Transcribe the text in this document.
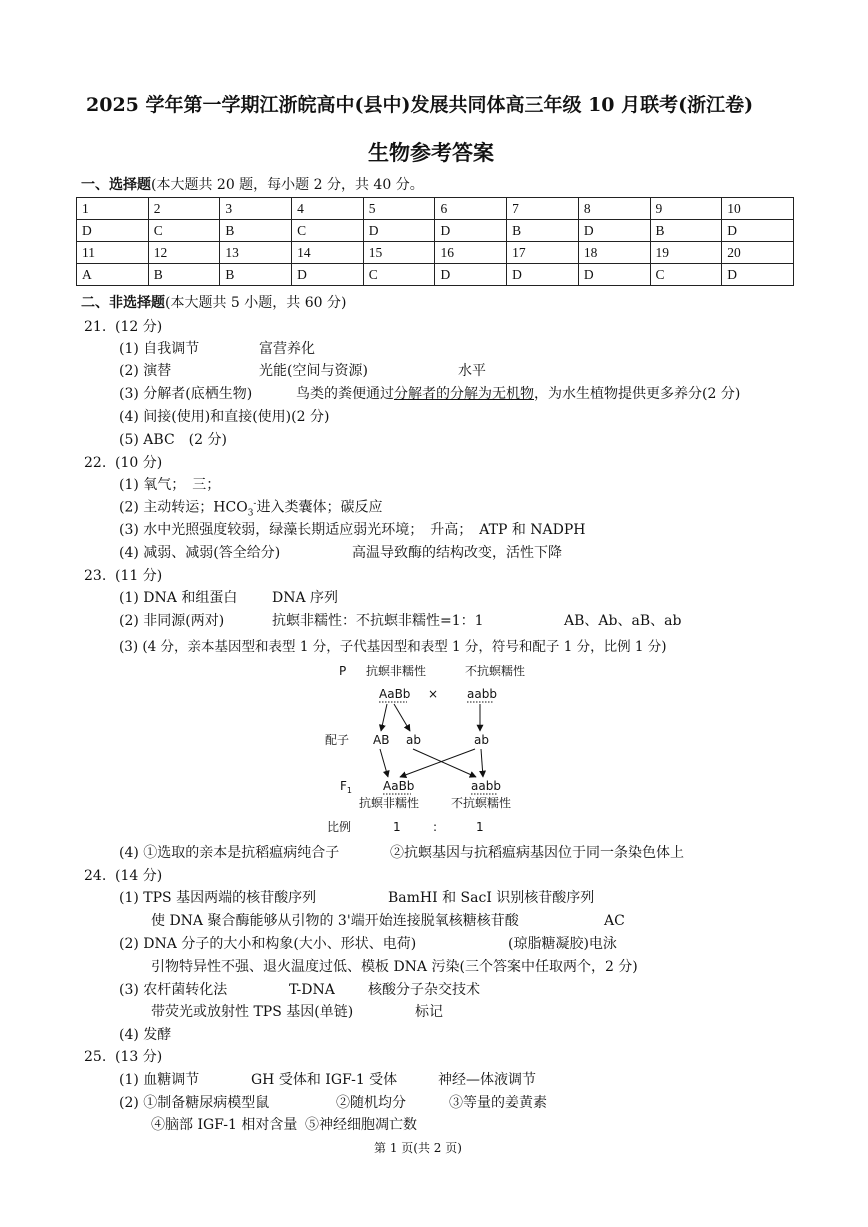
2025 学年第一学期江浙皖高中(县中)发展共同体高三年级 10 月联考(浙江卷)
生物参考答案
一、选择题(本大题共 20 题，每小题 2 分，共 40 分。
1	2	3	4	5	6	7	8	9	10
D	C	B	C	D	D	B	D	B	D
11	12	13	14	15	16	17	18	19	20
A	B	B	D	C	D	D	D	C	D
二、非选择题(本大题共 5 小题，共 60 分)
21. (12 分)
(1) 自我调节	富营养化
(2) 演替	光能(空间与资源)	水平
(3) 分解者(底栖生物)	鸟类的粪便通过分解者的分解为无机物，为水生植物提供更多养分(2 分)
(4) 间接(使用)和直接(使用)(2 分)
(5) ABC　(2 分)
22. (10 分)
(1) 氧气；　三；
(2) 主动转运；$HCO_3^-$进入类囊体；碳反应
(3) 水中光照强度较弱，绿藻长期适应弱光环境；　升高；　ATP 和 NADPH
(4) 减弱、减弱(答全给分)	高温导致酶的结构改变，活性下降
23. (11 分)
(1) DNA 和组蛋白 DNA 序列
(2) 非同源(两对)	抗螟非糯性：不抗螟非糯性=1：1	AB、Ab、aB、ab
(3) (4 分，亲本基因型和表型 1 分，子代基因型和表型 1 分，符号和配子 1 分，比例 1 分)
P 抗螟非糯性	不抗螟糯性
AaBb × aabb
配子 AB ab	ab
$F_1$	AaBb	aabb
抗螟非糯性	不抗螟糯性
比例	1	:	1
(4) ①选取的亲本是抗稻瘟病纯合子	②抗螟基因与抗稻瘟病基因位于同一条染色体上
24. (14 分)
(1) TPS 基因两端的核苷酸序列	BamHI 和 SacI 识别核苷酸序列
使 DNA 聚合酶能够从引物的 3'端开始连接脱氧核糖核苷酸	AC
(2) DNA 分子的大小和构象(大小、形状、电荷)	(琼脂糖凝胶)电泳
引物特异性不强、退火温度过低、模板 DNA 污染(三个答案中任取两个，2 分)
(3) 农杆菌转化法	T-DNA 核酸分子杂交技术
带荧光或放射性 TPS 基因(单链)	标记
(4) 发酵
25. (13 分)
(1) 血糖调节	GH 受体和 IGF-1 受体	神经—体液调节
(2) ①制备糖尿病模型鼠	②随机均分	③等量的姜黄素
④脑部 IGF-1 相对含量 ⑤神经细胞凋亡数
第 1 页(共 2 页)
